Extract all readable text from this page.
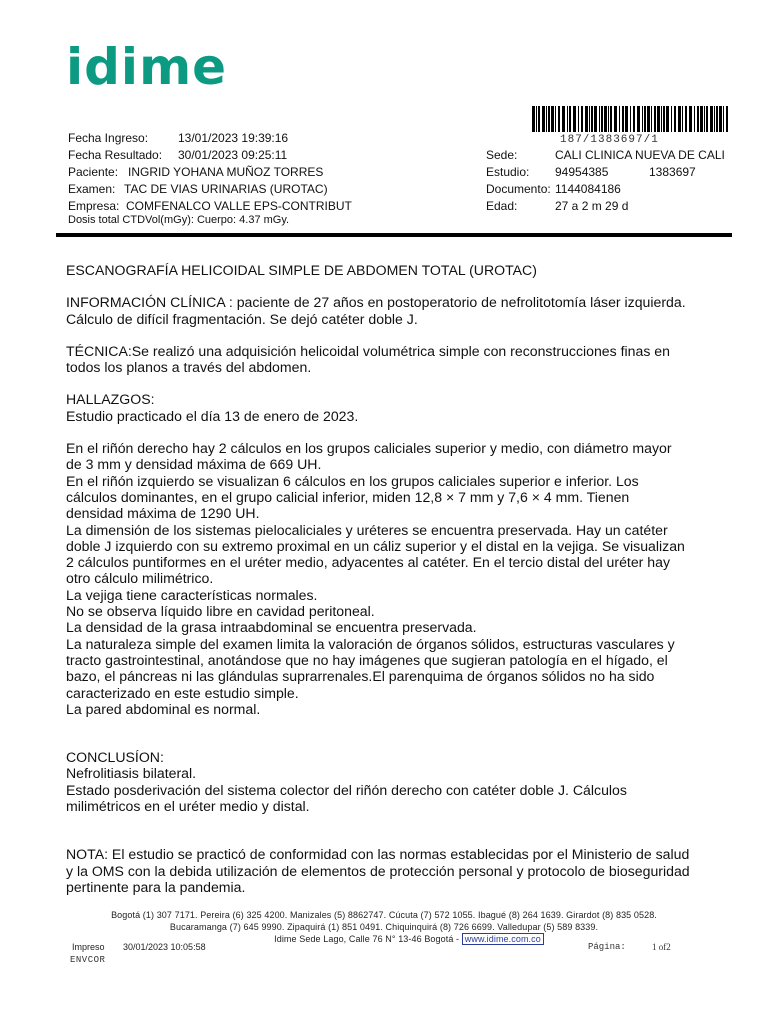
idime
187/1383697/1
Fecha Ingreso:	13/01/2023 19:39:16
Fecha Resultado:	30/01/2023 09:25:11
Paciente: INGRID YOHANA MUÑOZ TORRES
Examen: TAC DE VIAS URINARIAS (UROTAC)
Empresa: COMFENALCO VALLE EPS-CONTRIBUT
Dosis total CTDVol(mGy): Cuerpo: 4.37 mGy.
Sede:	CALI CLINICA NUEVA DE CALI
Estudio:	94954385	1383697
Documento: 1144084186
Edad:	27 a 2 m 29 d

ESCANOGRAFÍA HELICOIDAL SIMPLE DE ABDOMEN TOTAL (UROTAC)

INFORMACIÓN CLÍNICA : paciente de 27 años en postoperatorio de nefrolitotomía láser izquierda. Cálculo de difícil fragmentación. Se dejó catéter doble J.

TÉCNICA:Se realizó una adquisición helicoidal volumétrica simple con reconstrucciones finas en todos los planos a través del abdomen.

HALLAZGOS:

Estudio practicado el día 13 de enero de 2023.

En el riñón derecho hay 2 cálculos en los grupos caliciales superior y medio, con diámetro mayor de 3 mm y densidad máxima de 669 UH.

En el riñón izquierdo se visualizan 6 cálculos en los grupos caliciales superior e inferior. Los cálculos dominantes, en el grupo calicial inferior, miden 12,8 × 7 mm y 7,6 × 4 mm. Tienen densidad máxima de 1290 UH.

La dimensión de los sistemas pielocaliciales y uréteres se encuentra preservada. Hay un catéter doble J izquierdo con su extremo proximal en un cáliz superior y el distal en la vejiga. Se visualizan 2 cálculos puntiformes en el uréter medio, adyacentes al catéter. En el tercio distal del uréter hay otro cálculo milimétrico.

La vejiga tiene características normales.

No se observa líquido libre en cavidad peritoneal.

La densidad de la grasa intraabdominal se encuentra preservada.

La naturaleza simple del examen limita la valoración de órganos sólidos, estructuras vasculares y tracto gastrointestinal, anotándose que no hay imágenes que sugieran patología en el hígado, el bazo, el páncreas ni las glándulas suprarrenales.El parenquima de órganos sólidos no ha sido caracterizado en este estudio simple.

La pared abdominal es normal.

CONCLUSÍON:

Nefrolitiasis bilateral.

Estado posderivación del sistema colector del riñón derecho con catéter doble J. Cálculos milimétricos en el uréter medio y distal.

NOTA: El estudio se practicó de conformidad con las normas establecidas por el Ministerio de salud y la OMS con la debida utilización de elementos de protección personal y protocolo de bioseguridad pertinente para la pandemia.

Bogotá (1) 307 7171. Pereira (6) 325 4200. Manizales (5) 8862747. Cúcuta (7) 572 1055. Ibagué (8) 264 1639. Girardot (8) 835 0528.
Bucaramanga (7) 645 9990. Zipaquirá (1) 851 0491. Chiquinquirá (8) 726 6699. Valledupar (5) 589 8339.
Idime Sede Lago, Calle 76 N° 13-46 Bogotá - www.idime.com.co
Impreso 30/01/2023 10:05:58
ENVCOR
Página:	1 of2
